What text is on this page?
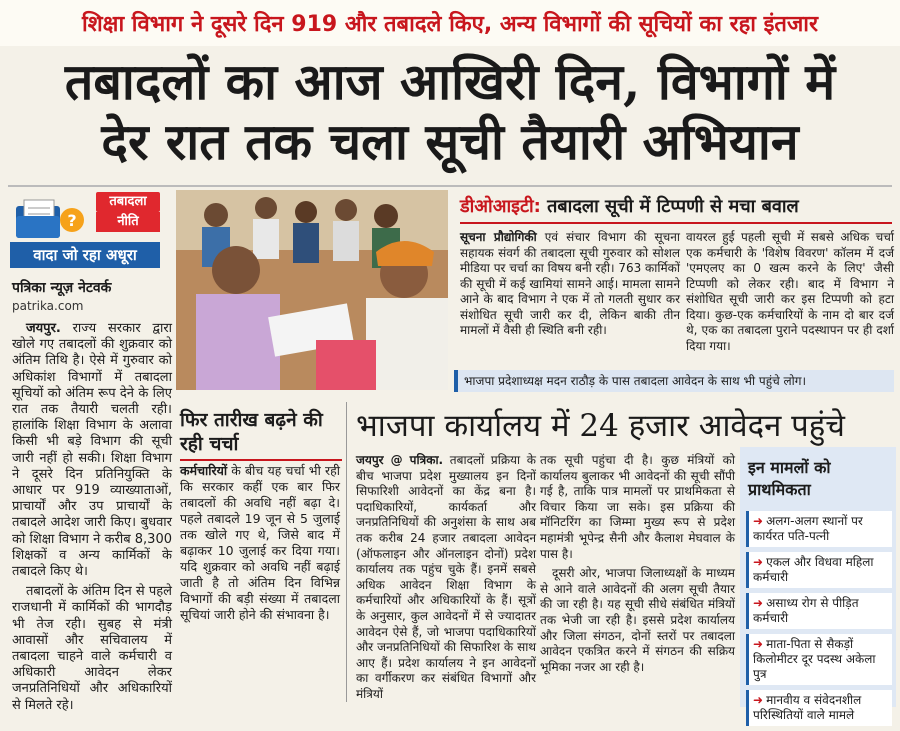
शिक्षा विभाग ने दूसरे दिन 919 और तबादले किए, अन्य विभागों की सूचियों का रहा इंतजार
तबादलों का आज आखिरी दिन, विभागों में
देर रात तक चला सूची तैयारी अभियान
?
तबादला
नीति
वादा जो रहा अधूरा
पत्रिका न्यूज़ नेटवर्क
patrika.com

जयपुर. राज्य सरकार द्वारा खोले गए तबादलों की शुक्रवार को अंतिम तिथि है। ऐसे में गुरुवार को अधिकांश विभागों में तबादला सूचियों को अंतिम रूप देने के लिए रात तक तैयारी चलती रही। हालांकि शिक्षा विभाग के अलावा किसी भी बड़े विभाग की सूची जारी नहीं हो सकी। शिक्षा विभाग ने दूसरे दिन प्रतिनियुक्ति के आधार पर 919 व्याख्याताओं, प्राचार्यों और उप प्राचार्यों के तबादले आदेश जारी किए। बुधवार को शिक्षा विभाग ने करीब 8,300 शिक्षकों व अन्य कार्मिकों के तबादले किए थे।

तबादलों के अंतिम दिन से पहले राजधानी में कार्मिकों की भागदौड़ भी तेज रही। सुबह से मंत्री आवासों और सचिवालय में तबादला चाहने वाले कर्मचारी व अधिकारी आवेदन लेकर जनप्रतिनिधियों और अधिकारियों से मिलते रहे।

डीओआइटी: तबादला सूची में टिप्पणी से मचा बवाल
सूचना प्रौद्योगिकी एवं संचार विभाग की सूचना सहायक संवर्ग की तबादला सूची गुरुवार को सोशल मीडिया पर चर्चा का विषय बनी रही। 763 कार्मिकों की सूची में कई खामियां सामने आई। मामला सामने आने के बाद विभाग ने एक में तो गलती सुधार कर संशोधित सूची जारी कर दी, लेकिन बाकी तीन मामलों में वैसी ही स्थिति बनी रही।
वायरल हुई पहली सूची में सबसे अधिक चर्चा एक कर्मचारी के 'विशेष विवरण' कॉलम में दर्ज 'एमएलए का 0 खत्म करने के लिए' जैसी टिप्पणी को लेकर रही। बाद में विभाग ने संशोधित सूची जारी कर इस टिप्पणी को हटा दिया। कुछ-एक कर्मचारियों के नाम दो बार दर्ज थे, एक का तबादला पुराने पदस्थापन पर ही दर्शा दिया गया।
भाजपा प्रदेशाध्यक्ष मदन राठौड़ के पास तबादला आवेदन के साथ भी पहुंचे लोग।
फिर तारीख बढ़ने की रही चर्चा
कर्मचारियों के बीच यह चर्चा भी रही कि सरकार कहीं एक बार फिर तबादलों की अवधि नहीं बढ़ा दे। पहले तबादले 19 जून से 5 जुलाई तक खोले गए थे, जिसे बाद में बढ़ाकर 10 जुलाई कर दिया गया। यदि शुक्रवार को अवधि नहीं बढ़ाई जाती है तो अंतिम दिन विभिन्न विभागों की बड़ी संख्या में तबादला सूचियां जारी होने की संभावना है।
भाजपा कार्यालय में 24 हजार आवेदन पहुंचे
जयपुर @ पत्रिका. तबादलों प्रक्रिया के बीच भाजपा प्रदेश मुख्यालय इन दिनों सिफारिशी आवेदनों का केंद्र बना है। पदाधिकारियों, कार्यकर्ता और जनप्रतिनिधियों की अनुशंसा के साथ अब तक करीब 24 हजार तबादला आवेदन (ऑफलाइन और ऑनलाइन दोनों) प्रदेश कार्यालय तक पहुंच चुके हैं। इनमें सबसे अधिक आवेदन शिक्षा विभाग के कर्मचारियों और अधिकारियों के हैं। सूत्रों के अनुसार, कुल आवेदनों में से ज्यादातर आवेदन ऐसे हैं, जो भाजपा पदाधिकारियों और जनप्रतिनिधियों की सिफारिश के साथ आए हैं। प्रदेश कार्यालय ने इन आवेदनों का वर्गीकरण कर संबंधित विभागों और मंत्रियों

तक सूची पहुंचा दी है। कुछ मंत्रियों को कार्यालय बुलाकर भी आवेदनों की सूची सौंपी गई है, ताकि पात्र मामलों पर प्राथमिकता से विचार किया जा सके। इस प्रक्रिया की मॉनिटरिंग का जिम्मा मुख्य रूप से प्रदेश महामंत्री भूपेन्द्र सैनी और कैलाश मेघवाल के पास है।

दूसरी ओर, भाजपा जिलाध्यक्षों के माध्यम से आने वाले आवेदनों की अलग सूची तैयार की जा रही है। यह सूची सीधे संबंधित मंत्रियों तक भेजी जा रही है। इससे प्रदेश कार्यालय और जिला संगठन, दोनों स्तरों पर तबादला आवेदन एकत्रित करने में संगठन की सक्रिय भूमिका नजर आ रही है।

इन मामलों को प्राथमिकता
➜ अलग-अलग स्थानों पर कार्यरत पति-पत्नी
➜ एकल और विधवा महिला कर्मचारी
➜ असाध्य रोग से पीड़ित कर्मचारी
➜ माता-पिता से सैकड़ों किलोमीटर दूर पदस्थ अकेला पुत्र
➜ मानवीय व संवेदनशील परिस्थितियों वाले मामले
